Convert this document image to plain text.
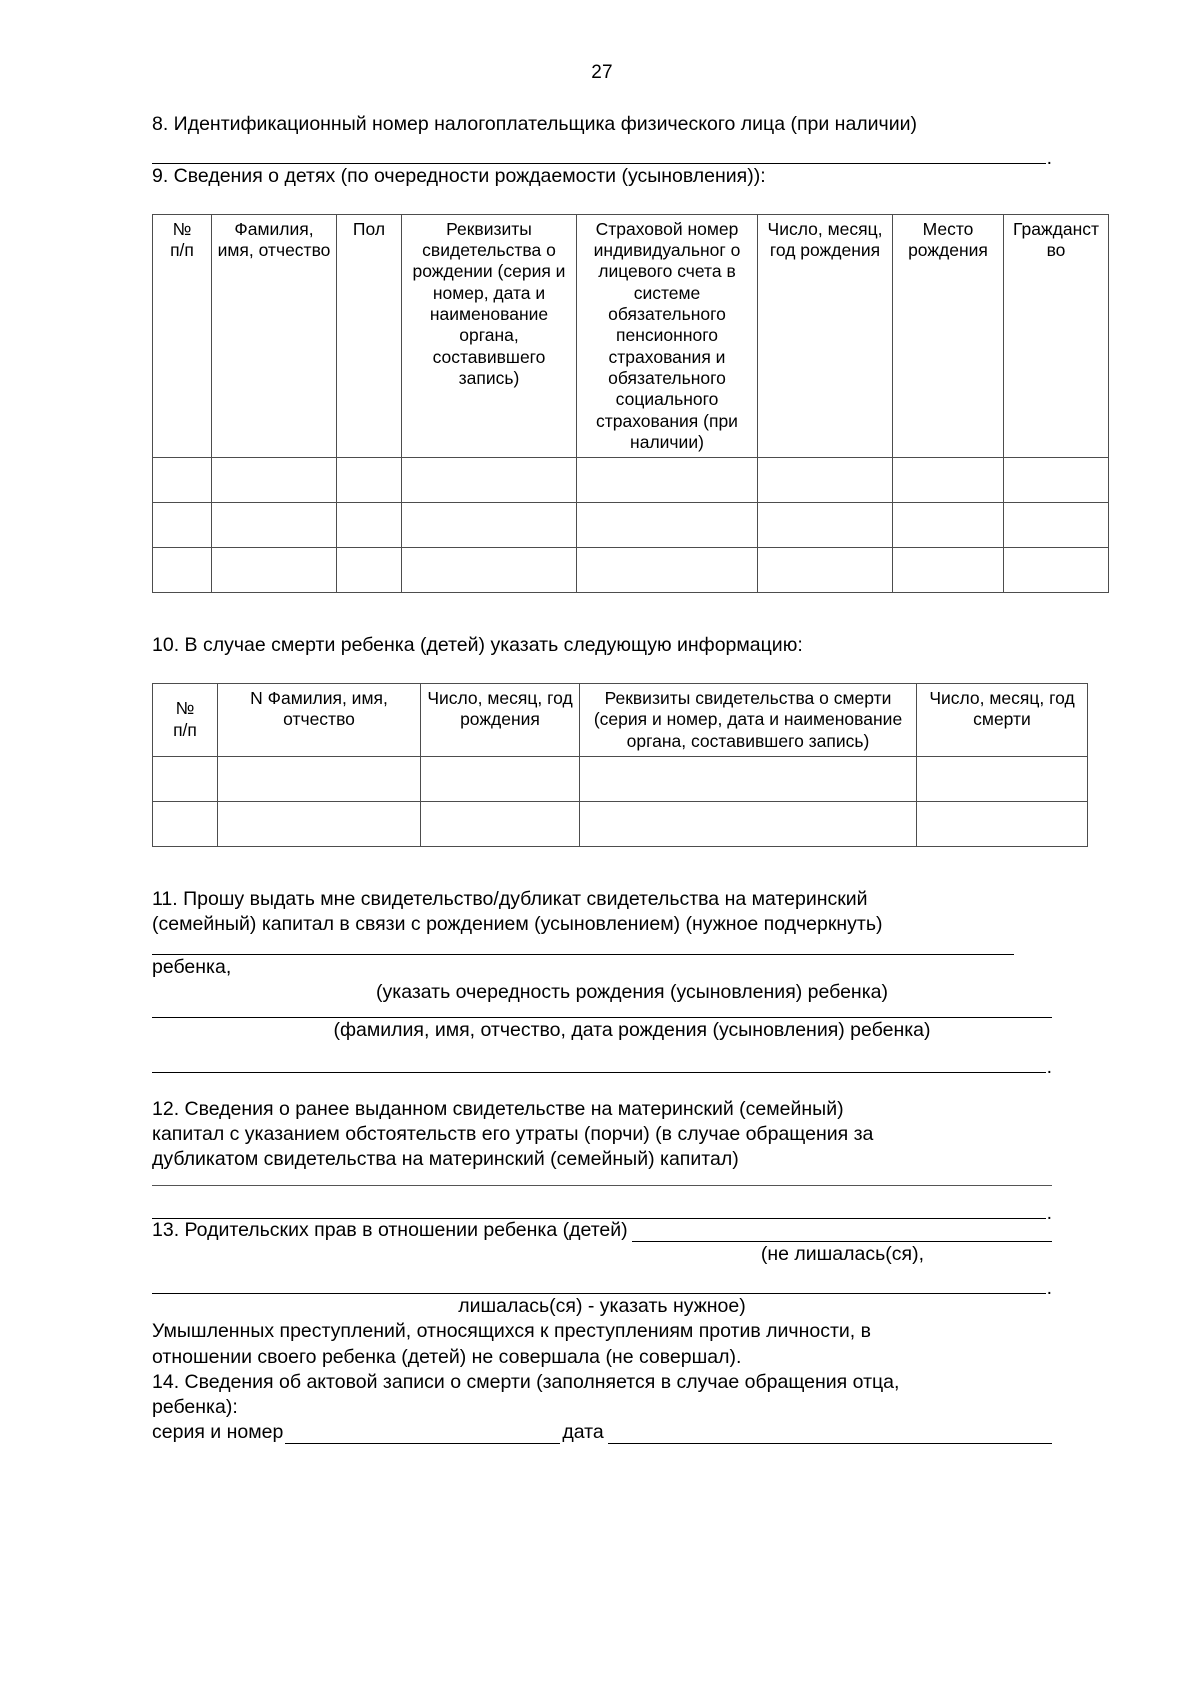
27
8. Идентификационный номер налогоплательщика физического лица (при наличии)
.
9. Сведения о детях (по очередности рождаемости (усыновления)):
№
п/п	Фамилия, имя, отчество	Пол	Реквизиты свидетельства о рождении (серия и номер, дата и наименование органа, составившего запись)	Страховой номер индивидуальног о лицевого счета в системе обязательного пенсионного страхования и обязательного социального страхования (при наличии)	Число, месяц, год рождения	Место рождения	Гражданст во

10. В случае смерти ребенка (детей) указать следующую информацию:
№
п/п	N Фамилия, имя, отчество	Число, месяц, год рождения	Реквизиты свидетельства о смерти (серия и номер, дата и наименование органа, составившего запись)	Число, месяц, год смерти

11. Прошу выдать мне свидетельство/дубликат свидетельства на материнский
(семейный) капитал в связи с рождением (усыновлением) (нужное подчеркнуть)
ребенка,
(указать очередность рождения (усыновления) ребенка)
(фамилия, имя, отчество, дата рождения (усыновления) ребенка)
.
12. Сведения о ранее выданном свидетельстве на материнский (семейный)
капитал с указанием обстоятельств его утраты (порчи) (в случае обращения за
дубликатом свидетельства на материнский (семейный) капитал)
.
13. Родительских прав в отношении ребенка (детей)
(не лишалась(ся),
.
лишалась(ся) - указать нужное)
Умышленных преступлений, относящихся к преступлениям против личности, в
отношении своего ребенка (детей) не совершала (не совершал).
14. Сведения об актовой записи о смерти (заполняется в случае обращения отца,
ребенка):
серия и номер	дата
